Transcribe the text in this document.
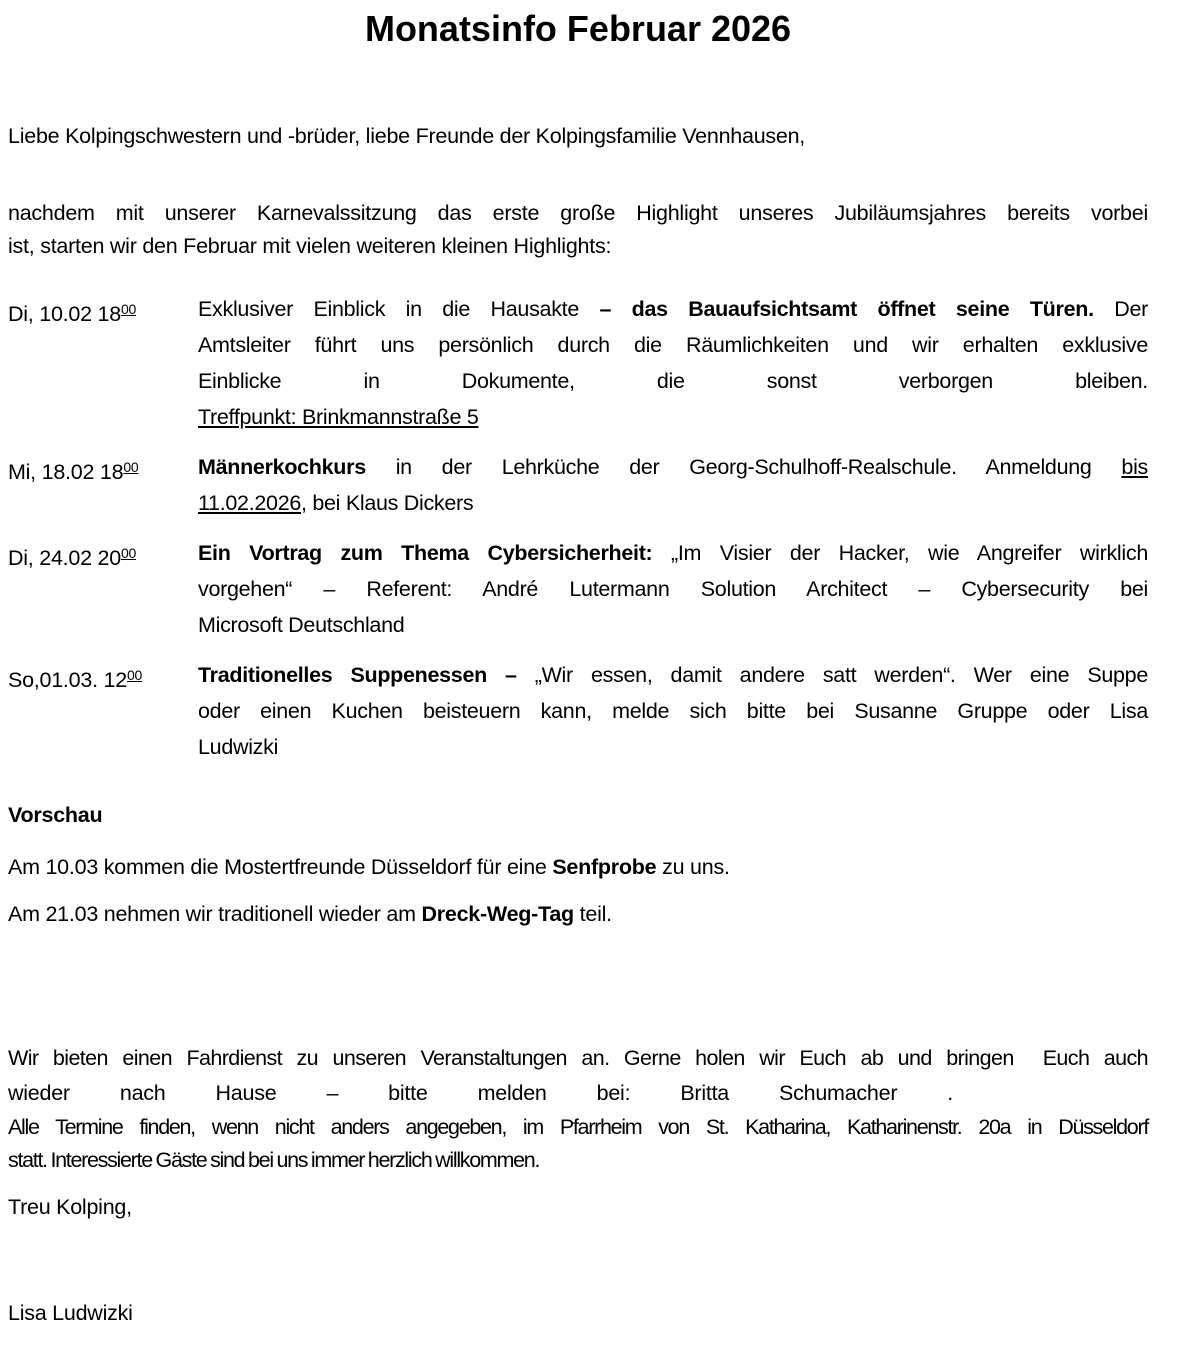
Monatsinfo Februar 2026

Liebe Kolpingschwestern und -brüder, liebe Freunde der Kolpingsfamilie Vennhausen,

nachdem mit unserer Karnevalssitzung das erste große Highlight unseres Jubiläumsjahres bereits vorbei
ist, starten wir den Februar mit vielen weiteren kleinen Highlights:
Di, 10.02 $18^{00}$	Exklusiver Einblick in die Hausakte – das Bauaufsichtsamt öffnet seine Türen. Der
Amtsleiter führt uns persönlich durch die Räumlichkeiten und wir erhalten exklusive
Einblicke in Dokumente, die sonst verborgen bleiben.
Treffpunkt: Brinkmannstraße 5
Mi, 18.02 $18^{00}$	Männerkochkurs in der Lehrküche der Georg-Schulhoff-Realschule. Anmeldung bis
11.02.2026, bei Klaus Dickers
Di, 24.02 $20^{00}$	Ein Vortrag zum Thema Cybersicherheit: „Im Visier der Hacker, wie Angreifer wirklich
vorgehen“ – Referent: André Lutermann Solution Architect – Cybersecurity bei
Microsoft Deutschland
So,01.03. $12^{00}$	Traditionelles Suppenessen – „Wir essen, damit andere satt werden“. Wer eine Suppe
oder einen Kuchen beisteuern kann, melde sich bitte bei Susanne Gruppe oder Lisa
Ludwizki
Vorschau
Am 10.03 kommen die Mostertfreunde Düsseldorf für eine Senfprobe zu uns.
Am 21.03 nehmen wir traditionell wieder am Dreck-Weg-Tag teil.
Wir bieten einen Fahrdienst zu unseren Veranstaltungen an. Gerne holen wir Euch ab und bringen  Euch auch
wieder nach Hause – bitte melden bei: Britta Schumacher .
Alle Termine finden, wenn nicht anders angegeben, im Pfarrheim von St. Katharina, Katharinenstr. 20a in Düsseldorf
statt. Interessierte Gäste sind bei uns immer herzlich willkommen.

Treu Kolping,

Lisa Ludwizki
